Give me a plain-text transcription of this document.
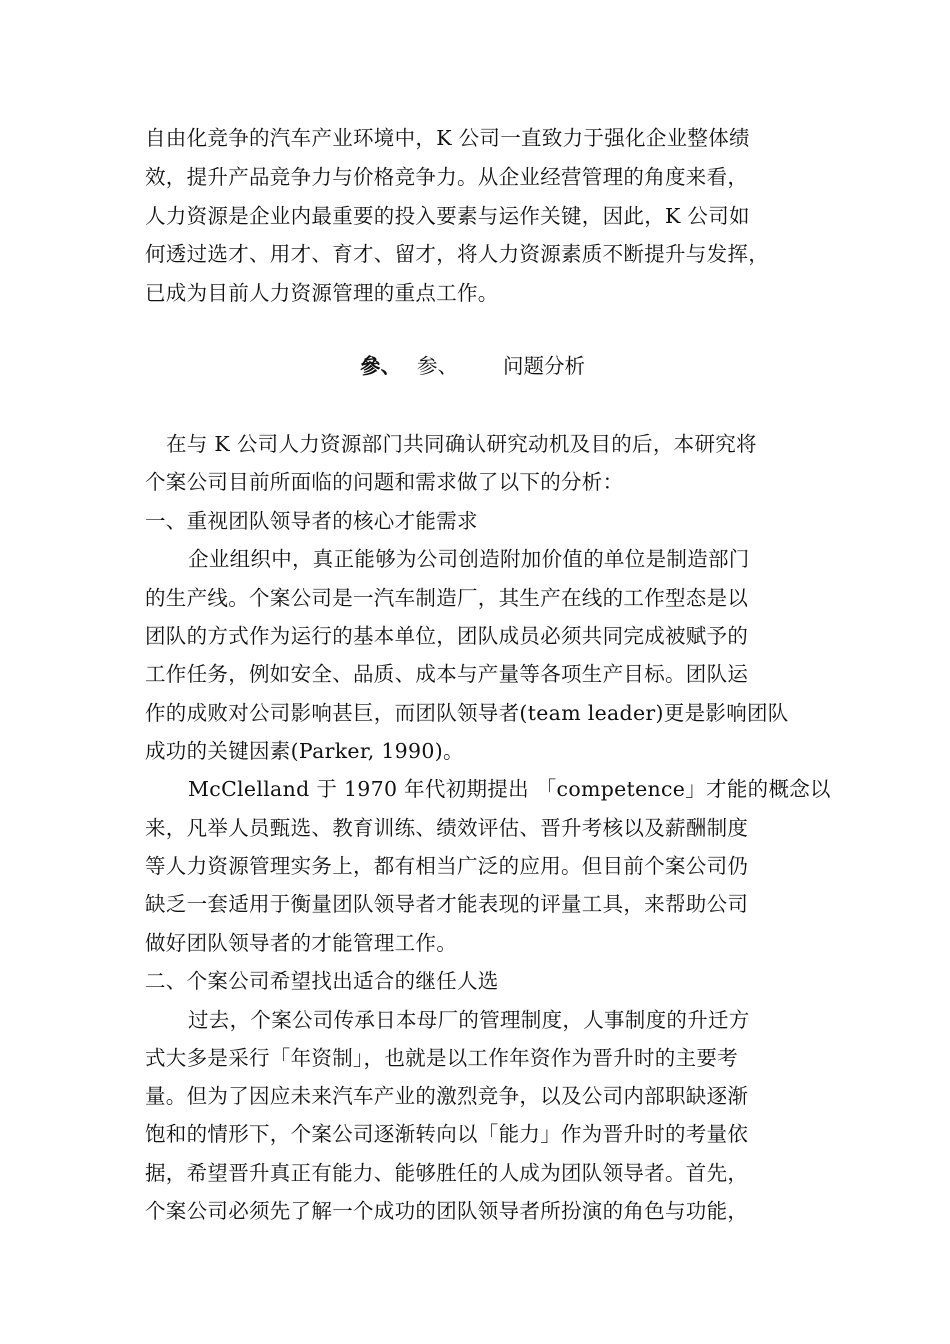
自由化竞争的汽车产业环境中，K 公司一直致力于强化企业整体绩
效，提升产品竞争力与价格竞争力。从企业经营管理的角度来看，
人力资源是企业内最重要的投入要素与运作关键，因此，K 公司如
何透过选才、用才、育才、留才，将人力资源素质不断提升与发挥，
已成为目前人力资源管理的重点工作。
參、 参、 问题分析
在与 K 公司人力资源部门共同确认研究动机及目的后，本研究将
个案公司目前所面临的问题和需求做了以下的分析：
一、重视团队领导者的核心才能需求
企业组织中，真正能够为公司创造附加价值的单位是制造部门
的生产线。个案公司是一汽车制造厂，其生产在线的工作型态是以
团队的方式作为运行的基本单位，团队成员必须共同完成被赋予的
工作任务，例如安全、品质、成本与产量等各项生产目标。团队运
作的成败对公司影响甚巨，而团队领导者(team leader)更是影响团队
成功的关键因素(Parker, 1990)。
McClelland 于 1970 年代初期提出 「competence」才能的概念以
来，凡举人员甄选、教育训练、绩效评估、晋升考核以及薪酬制度
等人力资源管理实务上，都有相当广泛的应用。但目前个案公司仍
缺乏一套适用于衡量团队领导者才能表现的评量工具，来帮助公司
做好团队领导者的才能管理工作。
二、个案公司希望找出适合的继任人选
过去，个案公司传承日本母厂的管理制度，人事制度的升迁方
式大多是采行「年资制」，也就是以工作年资作为晋升时的主要考
量。但为了因应未来汽车产业的激烈竞争，以及公司内部职缺逐渐
饱和的情形下，个案公司逐渐转向以「能力」作为晋升时的考量依
据，希望晋升真正有能力、能够胜任的人成为团队领导者。首先，
个案公司必须先了解一个成功的团队领导者所扮演的角色与功能，
